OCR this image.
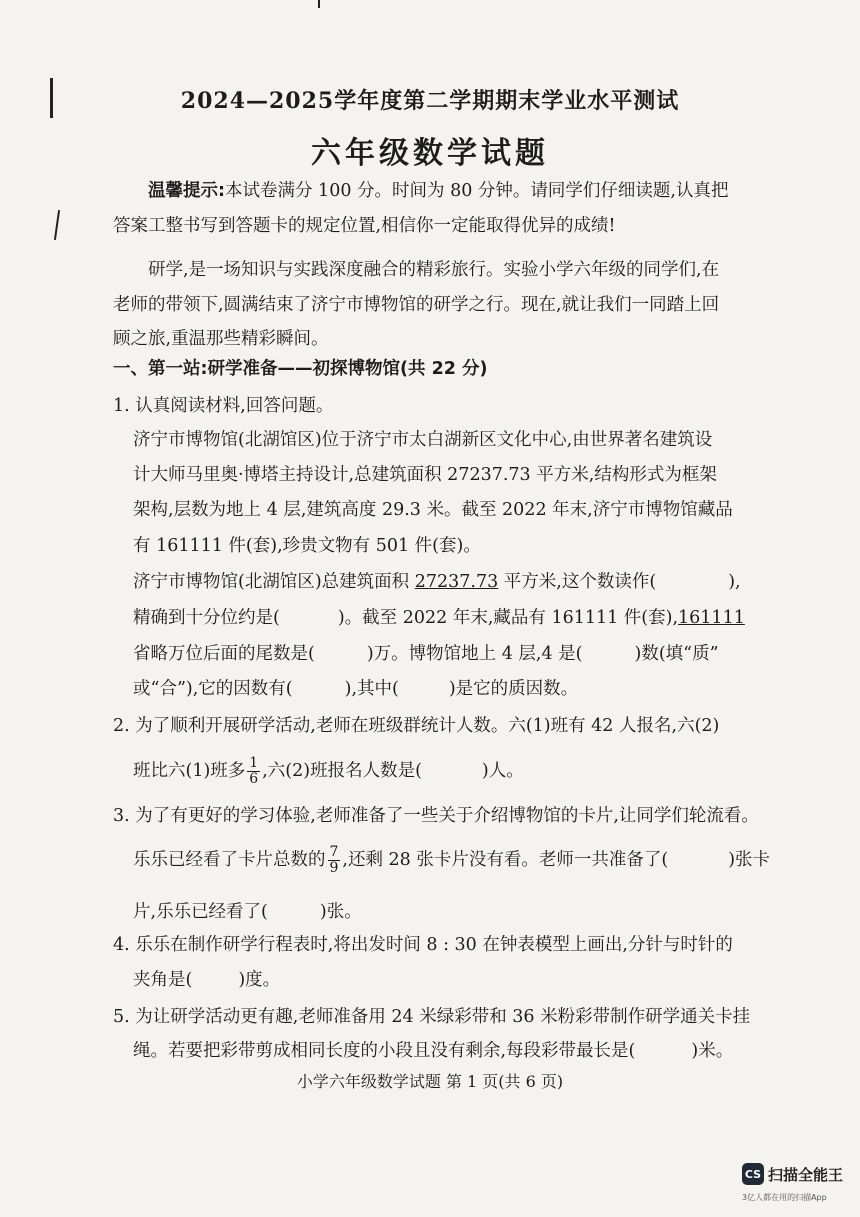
2024—2025学年度第二学期期末学业水平测试
六年级数学试题
温馨提示:本试卷满分 100 分。时间为 80 分钟。请同学们仔细读题,认真把
答案工整书写到答题卡的规定位置,相信你一定能取得优异的成绩!
研学,是一场知识与实践深度融合的精彩旅行。实验小学六年级的同学们,在
老师的带领下,圆满结束了济宁市博物馆的研学之行。现在,就让我们一同踏上回
顾之旅,重温那些精彩瞬间。
一、第一站:研学准备——初探博物馆(共 22 分)
1. 认真阅读材料,回答问题。
济宁市博物馆(北湖馆区)位于济宁市太白湖新区文化中心,由世界著名建筑设
计大师马里奥·博塔主持设计,总建筑面积 27237.73 平方米,结构形式为框架
架构,层数为地上 4 层,建筑高度 29.3 米。截至 2022 年末,济宁市博物馆藏品
有 161111 件(套),珍贵文物有 501 件(套)。
济宁市博物馆(北湖馆区)总建筑面积 27237.73 平方米,这个数读作(	),
精确到十分位约是(	)。截至 2022 年末,藏品有 161111 件(套),161111
省略万位后面的尾数是(	)万。博物馆地上 4 层,4 是(	)数(填“质”
或“合”),它的因数有(	),其中(	)是它的质因数。
2. 为了顺利开展研学活动,老师在班级群统计人数。六(1)班有 42 人报名,六(2)
班比六(1)班多 $\frac{1}{6}$ ,六(2)班报名人数是(	)人。
3. 为了有更好的学习体验,老师准备了一些关于介绍博物馆的卡片,让同学们轮流看。
乐乐已经看了卡片总数的 $\frac{7}{9}$ ,还剩 28 张卡片没有看。老师一共准备了(	)张卡
片,乐乐已经看了(	)张。
4. 乐乐在制作研学行程表时,将出发时间 8 : 30 在钟表模型上画出,分针与时针的
夹角是(	)度。
5. 为让研学活动更有趣,老师准备用 24 米绿彩带和 36 米粉彩带制作研学通关卡挂
绳。若要把彩带剪成相同长度的小段且没有剩余,每段彩带最长是(	)米。
小学六年级数学试题 第 1 页(共 6 页)
CS 扫描全能王
3亿人都在用的扫描App
